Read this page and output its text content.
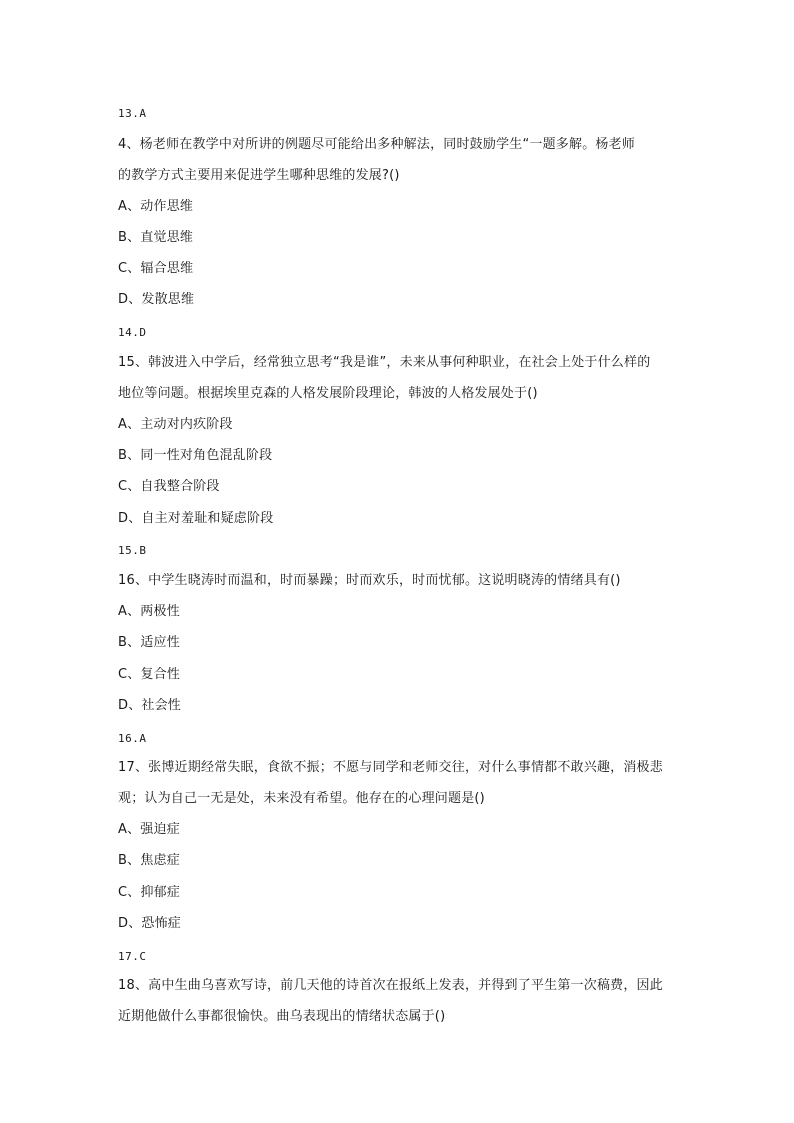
13.A
4、杨老师在教学中对所讲的例题尽可能给出多种解法，同时鼓励学生“一题多解。杨老师
的教学方式主要用来促进学生哪种思维的发展?()
A、动作思维
B、直觉思维
C、辐合思维
D、发散思维
14.D
15、韩波进入中学后，经常独立思考“我是谁”，未来从事何种职业，在社会上处于什么样的
地位等问题。根据埃里克森的人格发展阶段理论，韩波的人格发展处于()
A、主动对内疚阶段
B、同一性对角色混乱阶段
C、自我整合阶段
D、自主对羞耻和疑虑阶段
15.B
16、中学生晓涛时而温和，时而暴躁；时而欢乐，时而忧郁。这说明晓涛的情绪具有()
A、两极性
B、适应性
C、复合性
D、社会性
16.A
17、张博近期经常失眠，食欲不振；不愿与同学和老师交往，对什么事情都不敢兴趣，消极悲
观；认为自己一无是处，未来没有希望。他存在的心理问题是()
A、强迫症
B、焦虑症
C、抑郁症
D、恐怖症
17.C
18、高中生曲乌喜欢写诗，前几天他的诗首次在报纸上发表，并得到了平生第一次稿费，因此
近期他做什么事都很愉快。曲乌表现出的情绪状态属于()
